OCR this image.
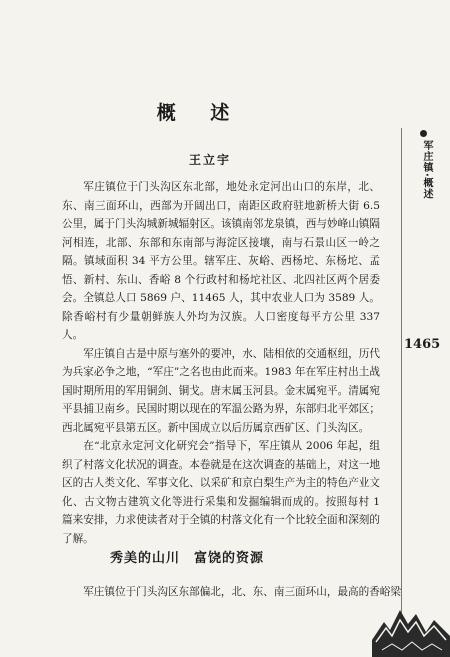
概 述
王立宇

军庄镇位于门头沟区东北部，地处永定河出山口的东岸，北、东、南三面环山，西部为开阔出口，南距区政府驻地新桥大街 6.5 公里，属于门头沟城新城辐射区。该镇南邻龙泉镇，西与妙峰山镇隔河相连，北部、东部和东南部与海淀区接壤，南与石景山区一岭之隔。镇域面积 34 平方公里。辖军庄、灰峪、西杨坨、东杨坨、孟悟、新村、东山、香峪 8 个行政村和杨坨社区、北四社区两个居委会。全镇总人口 5869 户、11465 人，其中农业人口为 3589 人。除香峪村有少量朝鲜族人外均为汉族。人口密度每平方公里 337 人。

军庄镇自古是中原与塞外的要冲，水、陆相依的交通枢纽，历代为兵家必争之地，“军庄”之名也由此而来。1983 年在军庄村出土战国时期所用的军用铜剑、铜戈。唐末属玉河县。金末属宛平。清属宛平县捕卫南乡。民国时期以现在的军温公路为界，东部归北平郊区；西北属宛平县第五区。新中国成立以后历属京西矿区、门头沟区。

在“北京永定河文化研究会”指导下，军庄镇从 2006 年起，组织了村落文化状况的调查。本卷就是在这次调查的基础上，对这一地区的古人类文化、军事文化、以采矿和京白梨生产为主的特色产业文化、古文物古建筑文化等进行采集和发掘编辑而成的。按照每村 1 篇来安排，力求使读者对于全镇的村落文化有一个比较全面和深刻的了解。

秀美的山川　富饶的资源

军庄镇位于门头沟区东部偏北，北、东、南三面环山，最高的香峪梁

军庄镇·概述
1465
